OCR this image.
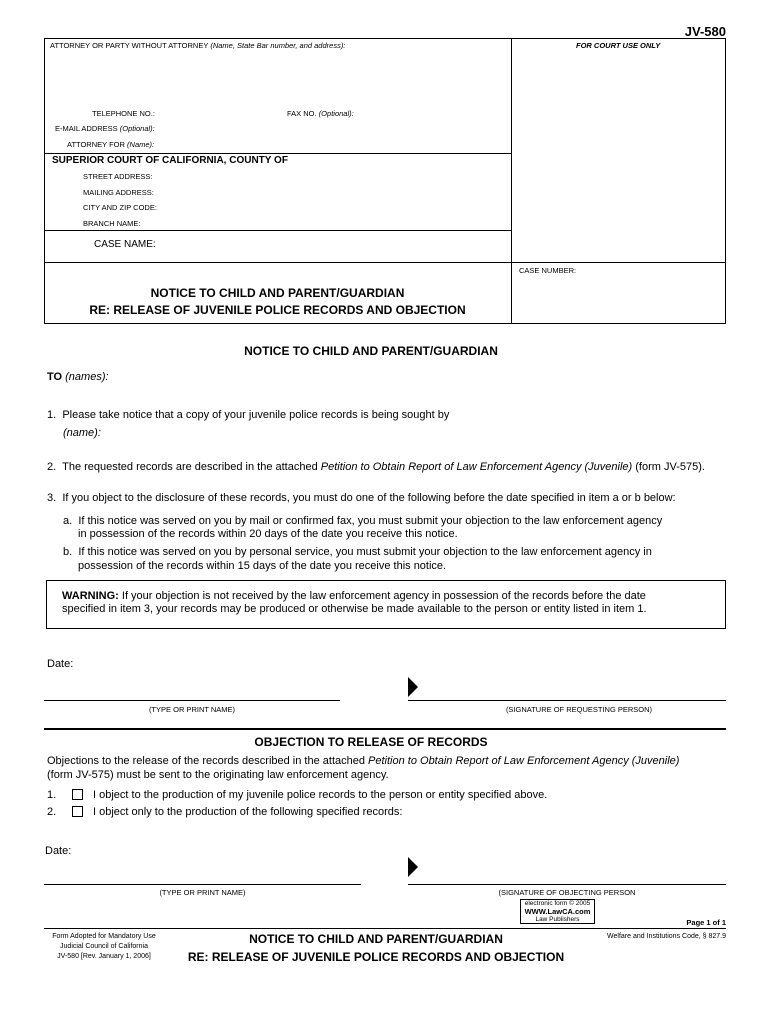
JV-580
ATTORNEY OR PARTY WITHOUT ATTORNEY (Name, State Bar number, and address):	FOR COURT USE ONLY
TELEPHONE NO.:	FAX NO. (Optional):
E-MAIL ADDRESS (Optional):
ATTORNEY FOR (Name):
SUPERIOR COURT OF CALIFORNIA, COUNTY OF
STREET ADDRESS:
MAILING ADDRESS:
CITY AND ZIP CODE:
BRANCH NAME:
CASE NAME:
CASE NUMBER:
NOTICE TO CHILD AND PARENT/GUARDIAN
RE: RELEASE OF JUVENILE POLICE RECORDS AND OBJECTION
NOTICE TO CHILD AND PARENT/GUARDIAN
TO (names):
1. Please take notice that a copy of your juvenile police records is being sought by
(name):
2. The requested records are described in the attached Petition to Obtain Report of Law Enforcement Agency (Juvenile) (form JV-575).
3. If you object to the disclosure of these records, you must do one of the following before the date specified in item a or b below:
a. If this notice was served on you by mail or confirmed fax, you must submit your objection to the law enforcement agency
in possession of the records within 20 days of the date you receive this notice.
b. If this notice was served on you by personal service, you must submit your objection to the law enforcement agency in
possession of the records within 15 days of the date you receive this notice.
WARNING: If your objection is not received by the law enforcement agency in possession of the records before the date
specified in item 3, your records may be produced or otherwise be made available to the person or entity listed in item 1.
Date:
(TYPE OR PRINT NAME)	(SIGNATURE OF REQUESTING PERSON)
OBJECTION TO RELEASE OF RECORDS
Objections to the release of the records described in the attached Petition to Obtain Report of Law Enforcement Agency (Juvenile)
(form JV-575) must be sent to the originating law enforcement agency.
1.	I object to the production of my juvenile police records to the person or entity specified above.
2.	I object only to the production of the following specified records:
Date:
(TYPE OR PRINT NAME)	(SIGNATURE OF OBJECTING PERSON
electronic form © 2005
WWW.LawCA.com
Law Publishers	Page 1 of 1
Form Adopted for Mandatory Use
Judicial Council of California
JV-580 [Rev. January 1, 2006]
NOTICE TO CHILD AND PARENT/GUARDIAN
RE: RELEASE OF JUVENILE POLICE RECORDS AND OBJECTION
Welfare and Institutions Code, § 827.9
